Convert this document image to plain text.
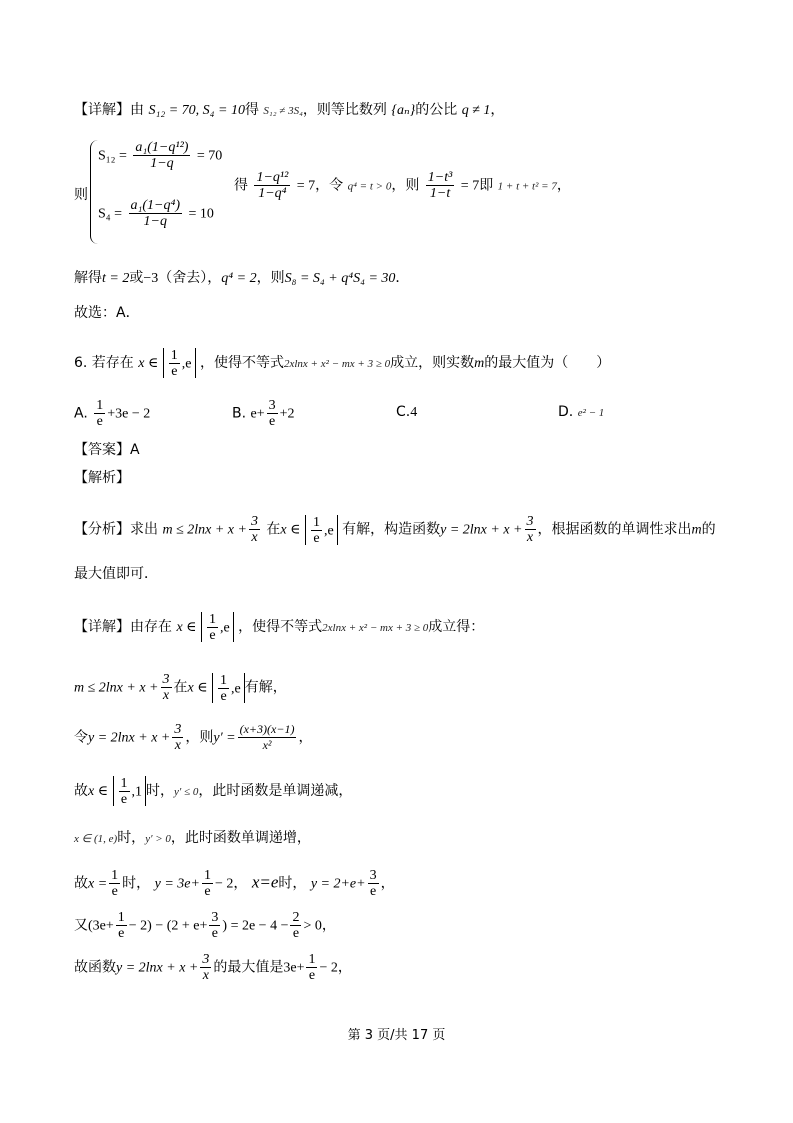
【详解】由 S₁₂ = 70, S₄ = 10得 S₁₂ ≠ 3S₄，则等比数列 {aₙ}的公比 q ≠ 1，
则
$S_{12} = \frac{\text{a₁(1−q¹²)}}{1-q} = 70$
$S_4 = \frac{\text{a₁(1−q⁴)}}{1-q} = 10$
得 $\frac{\text{1−q¹²}}{\text{1−q⁴}} = 7$，令 q⁴ = t > 0，则 $\frac{\text{1−t³}}{1-t} = 7$即 1 + t + t² = 7，
解得t = 2或−3（舍去），q⁴ = 2，则S₈ = S₄ + q⁴S₄ = 30．
故选：A．
6. 若存在 x ∈ $\frac{1}{e} ,e$ ，使得不等式2xlnx + x² − mx + 3 ≥ 0成立，则实数m的最大值为（　　）
A. $\frac{1}{e} +3e - 2$	B. $e+ \frac{3}{e} +2$	C.4	D. e² − 1
【答案】A
【解析】
【分析】求出 $m \le 2\ln x + x + \frac{3}{x}$ 在x ∈ $\frac{1}{e} ,e$ 有解，构造函数$y = 2\ln x + x + \frac{3}{x}$ ，根据函数的单调性求出m的
最大值即可．
【详解】由存在 x ∈ $\frac{1}{e} ,e$ ，使得不等式2xlnx + x² − mx + 3 ≥ 0成立得：
$m \le 2\ln x + x + \frac{3}{x}$ 在x ∈ $\frac{1}{e} ,e$ 有解，
令$y = 2\ln x + x + \frac{3}{x}$ ，则$y' = \frac{(x+3)(x-1)}{\text{x²}}$ ，
故x ∈ $\frac{1}{e} ,1$ 时，y′ ≤ 0，此时函数是单调递减，
x ∈ (1, e)时，y′ > 0，此时函数单调递增，
故$x = \frac{1}{e}$ 时， $y = 3e+ \frac{1}{e} - 2$， x=e时， $y = 2+e+ \frac{3}{e}$ ，
又$(3e+ \frac{1}{e} - 2) - (2 + e+ \frac{3}{e}$ ) = $2e - 4 - \frac{2}{e} > 0$，
故函数$y = 2\ln x + x + \frac{3}{x}$ 的最大值是$3e+ \frac{1}{e} - 2$，
第 3 页/共 17 页
